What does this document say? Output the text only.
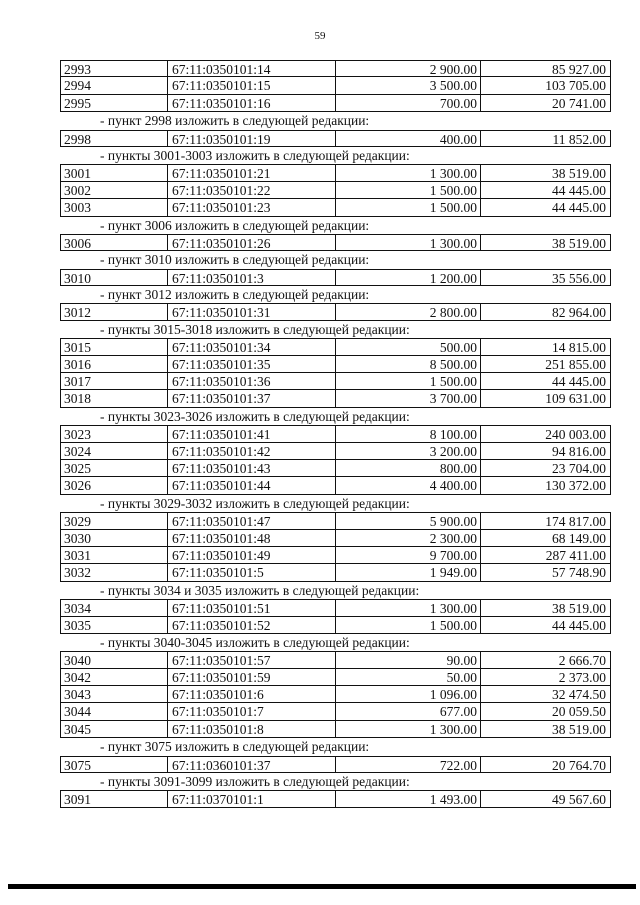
59
2993	67:11:0350101:14	2 900.00	85 927.00
2994	67:11:0350101:15	3 500.00	103 705.00
2995	67:11:0350101:16	700.00	20 741.00
- пункт 2998 изложить в следующей редакции:
2998	67:11:0350101:19	400.00	11 852.00
- пункты 3001-3003 изложить в следующей редакции:
3001	67:11:0350101:21	1 300.00	38 519.00
3002	67:11:0350101:22	1 500.00	44 445.00
3003	67:11:0350101:23	1 500.00	44 445.00
- пункт 3006 изложить в следующей редакции:
3006	67:11:0350101:26	1 300.00	38 519.00
- пункт 3010 изложить в следующей редакции:
3010	67:11:0350101:3	1 200.00	35 556.00
- пункт 3012 изложить в следующей редакции:
3012	67:11:0350101:31	2 800.00	82 964.00
- пункты 3015-3018 изложить в следующей редакции:
3015	67:11:0350101:34	500.00	14 815.00
3016	67:11:0350101:35	8 500.00	251 855.00
3017	67:11:0350101:36	1 500.00	44 445.00
3018	67:11:0350101:37	3 700.00	109 631.00
- пункты 3023-3026 изложить в следующей редакции:
3023	67:11:0350101:41	8 100.00	240 003.00
3024	67:11:0350101:42	3 200.00	94 816.00
3025	67:11:0350101:43	800.00	23 704.00
3026	67:11:0350101:44	4 400.00	130 372.00
- пункты 3029-3032 изложить в следующей редакции:
3029	67:11:0350101:47	5 900.00	174 817.00
3030	67:11:0350101:48	2 300.00	68 149.00
3031	67:11:0350101:49	9 700.00	287 411.00
3032	67:11:0350101:5	1 949.00	57 748.90
- пункты 3034 и 3035 изложить в следующей редакции:
3034	67:11:0350101:51	1 300.00	38 519.00
3035	67:11:0350101:52	1 500.00	44 445.00
- пункты 3040-3045 изложить в следующей редакции:
3040	67:11:0350101:57	90.00	2 666.70
3042	67:11:0350101:59	50.00	2 373.00
3043	67:11:0350101:6	1 096.00	32 474.50
3044	67:11:0350101:7	677.00	20 059.50
3045	67:11:0350101:8	1 300.00	38 519.00
- пункт 3075 изложить в следующей редакции:
3075	67:11:0360101:37	722.00	20 764.70
- пункты 3091-3099 изложить в следующей редакции:
3091	67:11:0370101:1	1 493.00	49 567.60
